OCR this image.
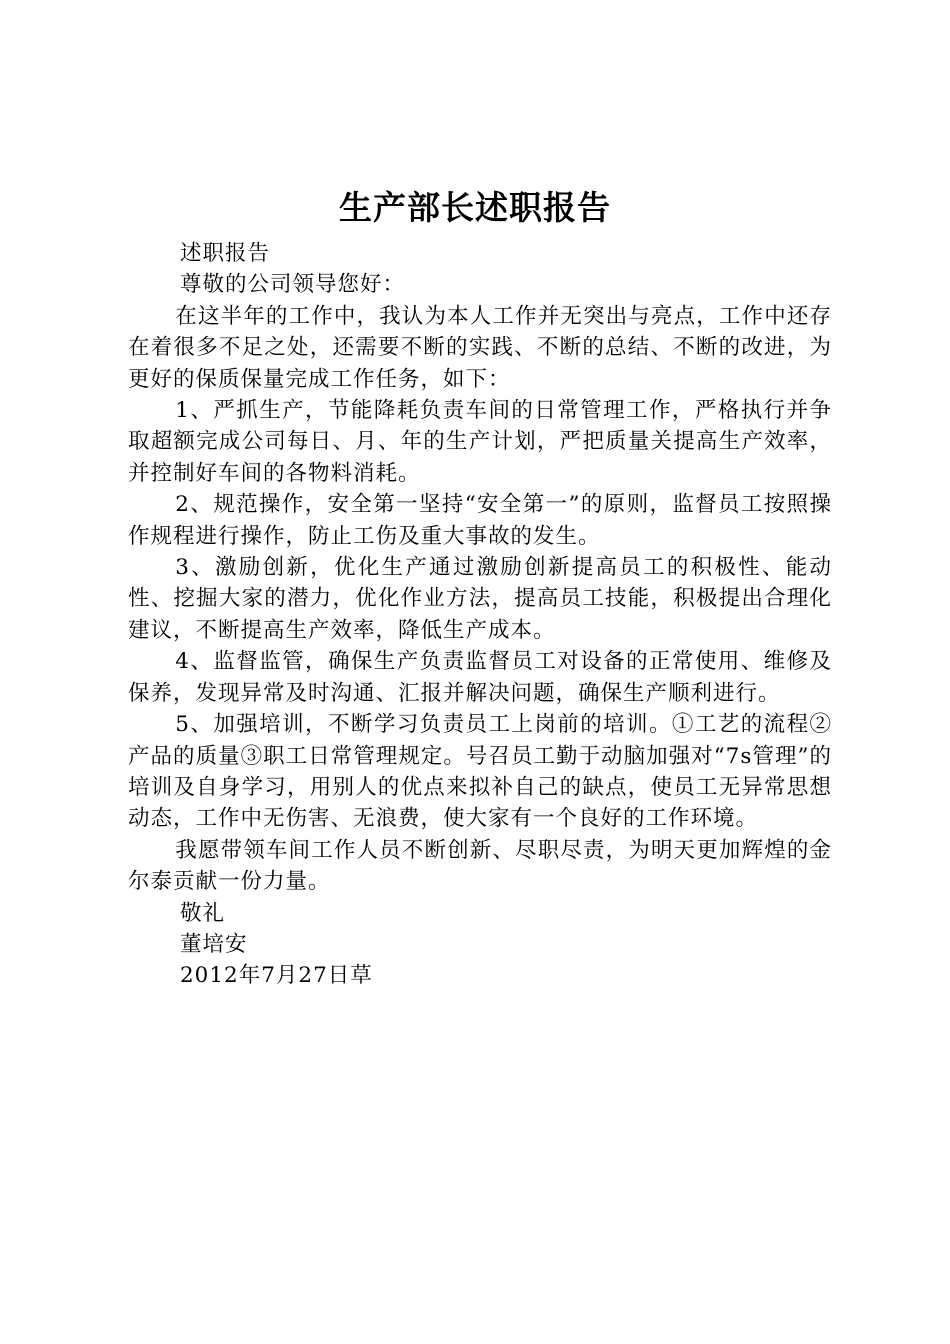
生产部长述职报告

述职报告

尊敬的公司领导您好：

在这半年的工作中，我认为本人工作并无突出与亮点，工作中还存在着很多不足之处，还需要不断的实践、不断的总结、不断的改进，为更好的保质保量完成工作任务，如下：

1、严抓生产，节能降耗负责车间的日常管理工作，严格执行并争取超额完成公司每日、月、年的生产计划，严把质量关提高生产效率，并控制好车间的各物料消耗。

2、规范操作，安全第一坚持“安全第一”的原则，监督员工按照操作规程进行操作，防止工伤及重大事故的发生。

3、激励创新，优化生产通过激励创新提高员工的积极性、能动性、挖掘大家的潜力，优化作业方法，提高员工技能，积极提出合理化建议，不断提高生产效率，降低生产成本。

4、监督监管，确保生产负责监督员工对设备的正常使用、维修及保养，发现异常及时沟通、汇报并解决问题，确保生产顺利进行。

5、加强培训，不断学习负责员工上岗前的培训。①工艺的流程②产品的质量③职工日常管理规定。号召员工勤于动脑加强对“7s管理”的培训及自身学习，用别人的优点来拟补自己的缺点，使员工无异常思想动态，工作中无伤害、无浪费，使大家有一个良好的工作环境。

我愿带领车间工作人员不断创新、尽职尽责，为明天更加辉煌的金尔泰贡献一份力量。

敬礼

董培安

2012年7月27日草
